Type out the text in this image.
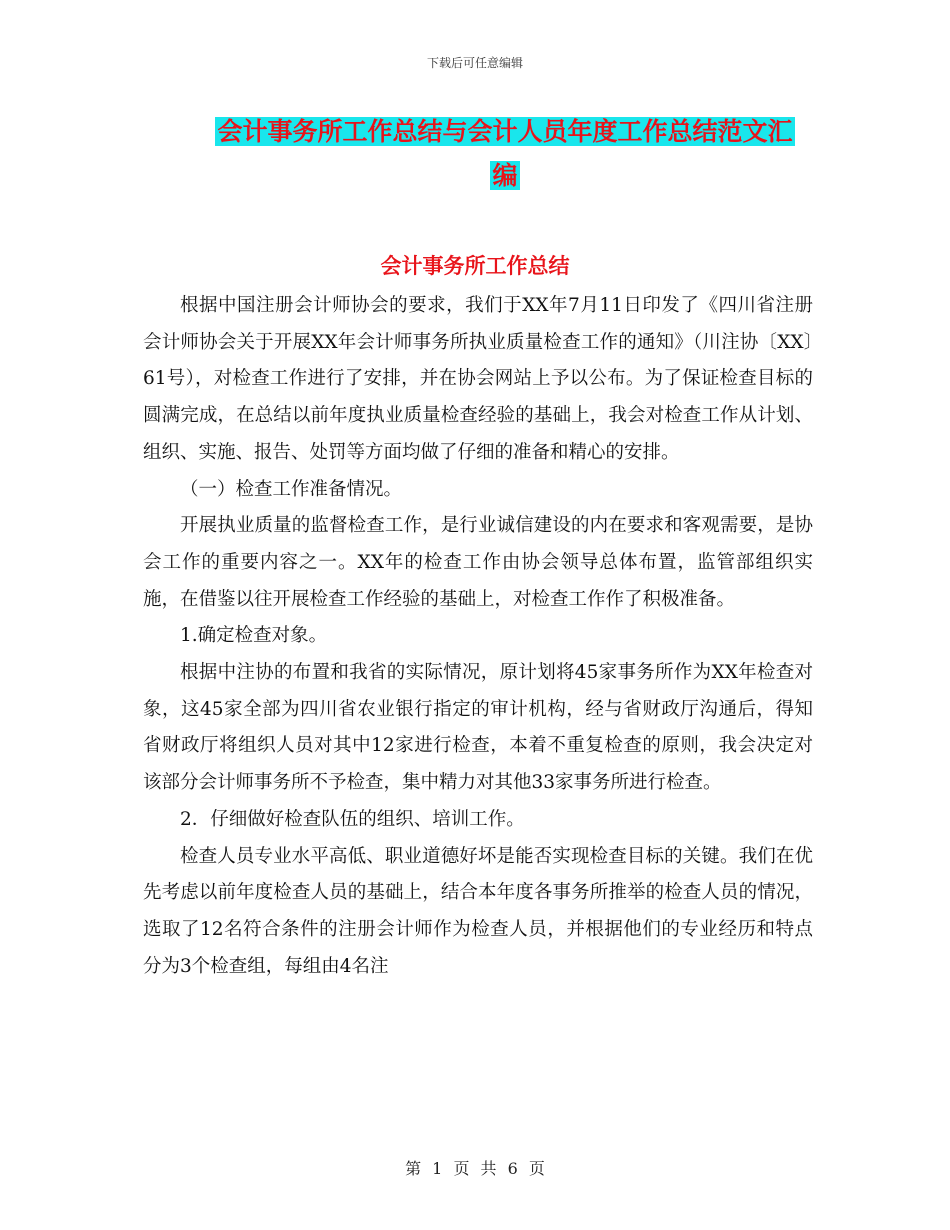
下载后可任意编辑
会计事务所工作总结与会计人员年度工作总结范文汇
编
会计事务所工作总结

根据中国注册会计师协会的要求，我们于XX年7月11日印发了《四川省注册会计师协会关于开展XX年会计师事务所执业质量检查工作的通知》（川注协〔XX〕61号），对检查工作进行了安排，并在协会网站上予以公布。为了保证检查目标的圆满完成，在总结以前年度执业质量检查经验的基础上，我会对检查工作从计划、组织、实施、报告、处罚等方面均做了仔细的准备和精心的安排。

（一）检查工作准备情况。

开展执业质量的监督检查工作，是行业诚信建设的内在要求和客观需要，是协会工作的重要内容之一。XX年的检查工作由协会领导总体布置，监管部组织实施，在借鉴以往开展检查工作经验的基础上，对检查工作作了积极准备。

1.确定检查对象。

根据中注协的布置和我省的实际情况，原计划将45家事务所作为XX年检查对象，这45家全部为四川省农业银行指定的审计机构，经与省财政厅沟通后，得知省财政厅将组织人员对其中12家进行检查，本着不重复检查的原则，我会决定对该部分会计师事务所不予检查，集中精力对其他33家事务所进行检查。

2．仔细做好检查队伍的组织、培训工作。

检查人员专业水平高低、职业道德好坏是能否实现检查目标的关键。我们在优先考虑以前年度检查人员的基础上，结合本年度各事务所推举的检查人员的情况，选取了12名符合条件的注册会计师作为检查人员，并根据他们的专业经历和特点分为3个检查组，每组由4名注

第 1 页 共 6 页
